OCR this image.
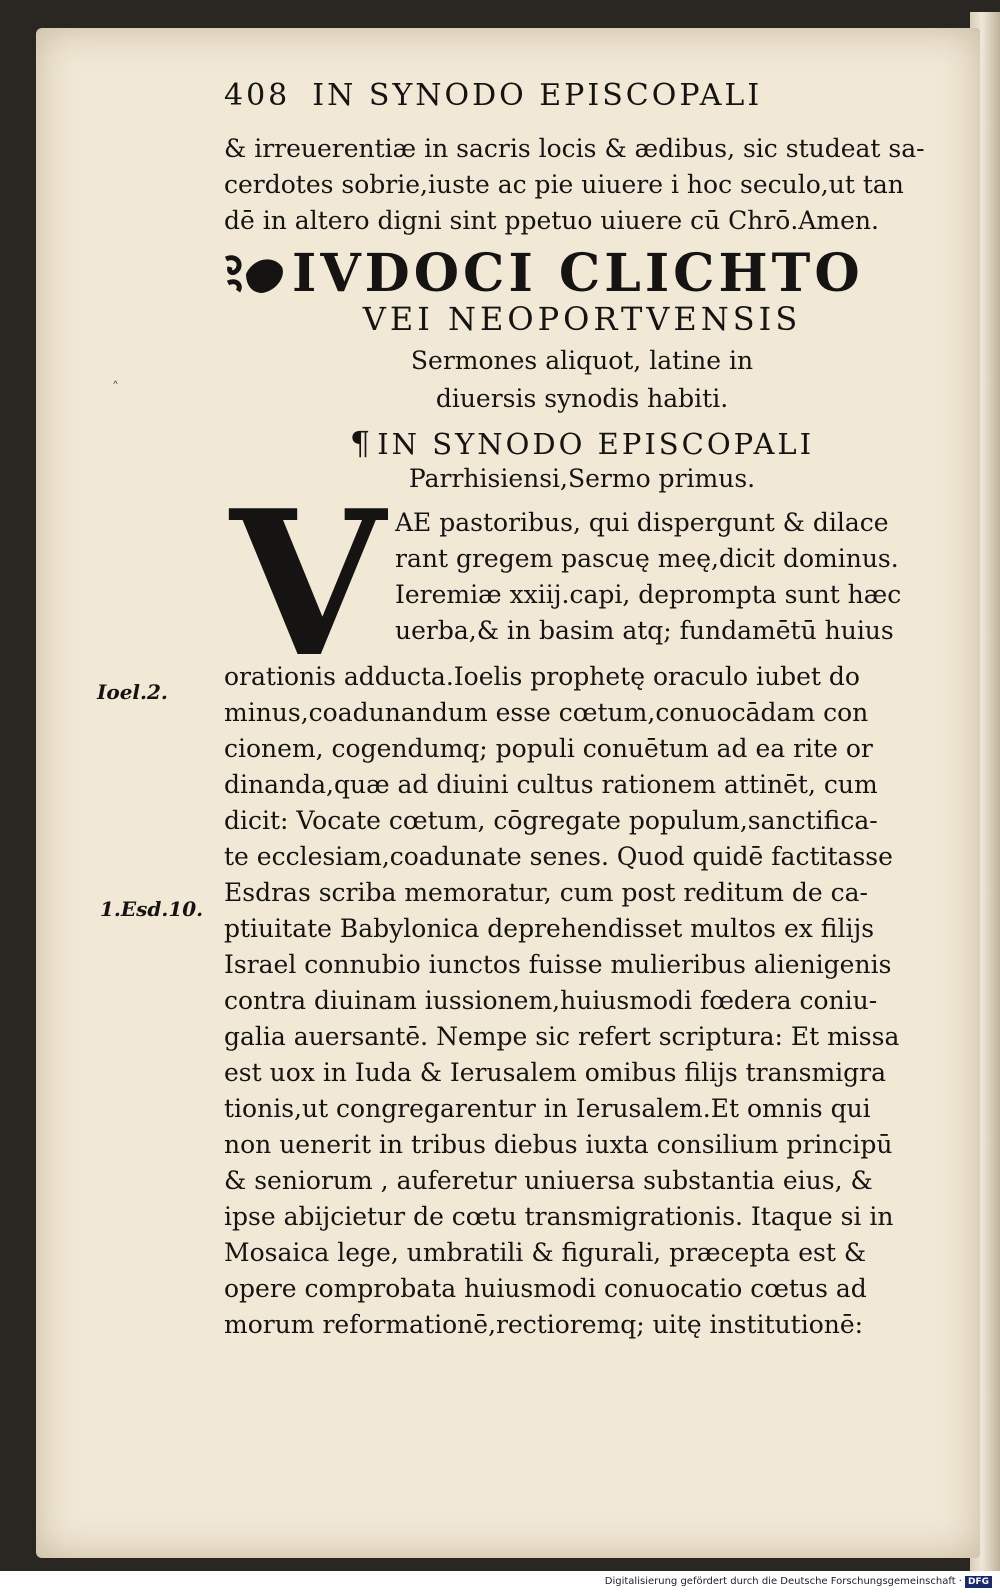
408 IN SYNODO EPISCOPALI
& irreuerentiæ in sacris locis & ædibus, sic studeat sa-
cerdotes sobrie,iuste ac pie uiuere i hoc seculo,ut tan
dē in altero digni sint ppetuo uiuere cū Chrō.Amen.
IVDOCI CLICHTO
VEI NEOPORTVENSIS
Sermones aliquot, latine in
diuersis synodis habiti.
˄
¶ IN SYNODO EPISCOPALI
Parrhisiensi,Sermo primus.
V AE pastoribus, qui dispergunt & dilace
rant gregem pascuę meę,dicit dominus.
Ieremiæ xxiij.capi, deprompta sunt hæc
uerba,& in basim atq; fundamētū huius
Ioel.2.
1.Esd.10.
orationis adducta.Ioelis prophetę oraculo iubet do
minus,coadunandum esse cœtum,conuocādam con
cionem, cogendumq; populi conuētum ad ea rite or
dinanda,quæ ad diuini cultus rationem attinēt, cum
dicit: Vocate cœtum, cōgregate populum,sanctifica-
te ecclesiam,coadunate senes. Quod quidē factitasse
Esdras scriba memoratur, cum post reditum de ca-
ptiuitate Babylonica deprehendisset multos ex filijs
Israel connubio iunctos fuisse mulieribus alienigenis
contra diuinam iussionem,huiusmodi fœdera coniu-
galia auersantē. Nempe sic refert scriptura: Et missa
est uox in Iuda & Ierusalem omibus filijs transmigra
tionis,ut congregarentur in Ierusalem.Et omnis qui
non uenerit in tribus diebus iuxta consilium principū
& seniorum , auferetur uniuersa substantia eius, &
ipse abijcietur de cœtu transmigrationis. Itaque si in
Mosaica lege, umbratili & figurali, præcepta est &
opere comprobata huiusmodi conuocatio cœtus ad
morum reformationē,rectioremq; uitę institutionē:
Digitalisierung gefördert durch die Deutsche Forschungsgemeinschaft · DFG
